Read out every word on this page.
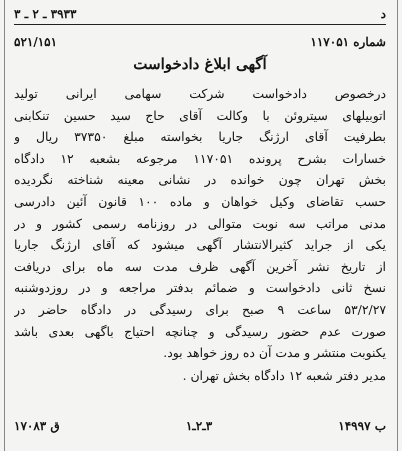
د
۳۹۳۳ ـ ۲ ـ ۳
شماره ۱۱۷۰۵۱
۵۲۱/۱۵۱
آگهی ابلاغ دادخواست
درخصوص دادخواست شرکت سهامی ایرانی تولید
اتوبیلهای سیتروئن با وکالت آقای حاج سید حسین تنکابنی
بطرفیت آقای ارژنگ جاریا بخواسته مبلغ ۳۷۳۵۰ ریال و
خسارات بشرح پرونده ۱۱۷۰۵۱ مرجوعه بشعبه ۱۲ دادگاه
بخش تهران چون خوانده در نشانی معینه شناخته نگردیده
حسب تقاضای وکیل خواهان و ماده ۱۰۰ قانون آئین دادرسی
مدنی مراتب سه نوبت متوالی در روزنامه رسمی کشور و در
یکی از جراید کثیرالانتشار آگهی میشود که آقای ارژنگ جاریا
از تاریخ نشر آخرین آگهی ظرف مدت سه ماه برای دریافت
نسخ ثانی دادخواست و ضمائم بدفتر مراجعه و در روزدوشنبه
۵۳/۲/۲۷ ساعت ۹ صبح برای رسیدگی در دادگاه حاضر در
صورت عدم حضور رسیدگی و چنانچه احتیاج باگهی بعدی باشد
یکنوبت منتشر و مدت آن ده روز خواهد بود.
مدیر دفتر شعبه ۱۲ دادگاه بخش تهران .
ب ۱۴۹۹۷
۳ـ۲ـ۱
ق ۱۷۰۸۳
